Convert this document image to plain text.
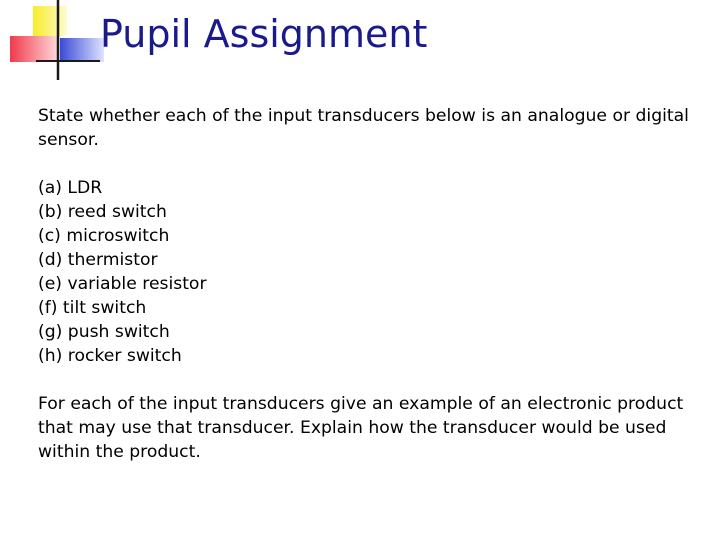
Pupil Assignment

State whether each of the input transducers below is an analogue or digital sensor.

(a) LDR
(b) reed switch
(c) microswitch
(d) thermistor
(e) variable resistor
(f) tilt switch
(g) push switch
(h) rocker switch

For each of the input transducers give an example of an electronic product that may use that transducer. Explain how the transducer would be used within the product.
